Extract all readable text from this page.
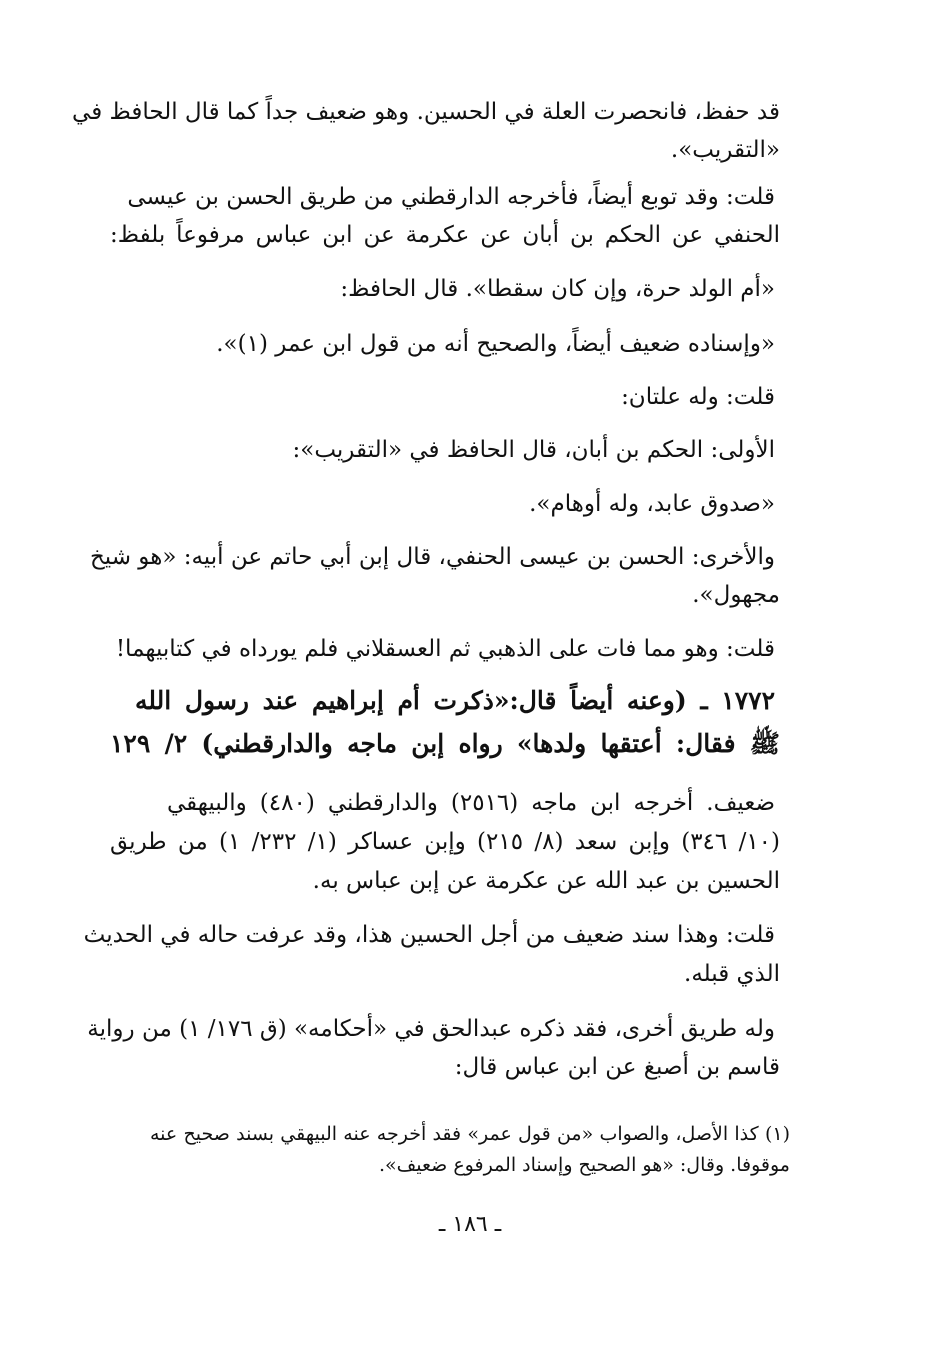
قد حفظ، فانحصرت العلة في الحسين. وهو ضعيف جداً كما قال الحافظ في
«التقريب».
قلت: وقد توبع أيضاً، فأخرجه الدارقطني من طريق الحسن بن عيسى
الحنفي عن الحكم بن أبان عن عكرمة عن ابن عباس مرفوعاً بلفظ:
«أم الولد حرة، وإن كان سقطا». قال الحافظ:
«وإسناده ضعيف أيضاً، والصحيح أنه من قول ابن عمر (١)».
قلت: وله علتان:
الأولى: الحكم بن أبان، قال الحافظ في «التقريب»:
«صدوق عابد، وله أوهام».
والأخرى: الحسن بن عيسى الحنفي، قال إبن أبي حاتم عن أبيه: «هو شيخ
مجهول».
قلت: وهو مما فات على الذهبي ثم العسقلاني فلم يورداه في كتابيهما!
١٧٧٢ ـ (وعنه أيضاً قال:«ذكرت أم إبراهيم عند رسول الله
ﷺ فقال: أعتقها ولدها» رواه إبن ماجه والدارقطني) ٢/ ١٢٩
ضعيف. أخرجه ابن ماجه (٢٥١٦) والدارقطني (٤٨٠) والبيهقي
(١٠/ ٣٤٦) وإبن سعد (٨/ ٢١٥) وإبن عساكر (١/ ٢٣٢/ ١) من طريق
الحسين بن عبد الله عن عكرمة عن إبن عباس به.
قلت: وهذا سند ضعيف من أجل الحسين هذا، وقد عرفت حاله في الحديث
الذي قبله.
وله طريق أخرى، فقد ذكره عبدالحق في «أحكامه» (ق ١٧٦/ ١) من رواية
قاسم بن أصبغ عن ابن عباس قال:
(١) كذا الأصل، والصواب «من قول عمر» فقد أخرجه عنه البيهقي بسند صحيح عنه
موقوفا. وقال: «هو الصحيح وإسناد المرفوع ضعيف».
ـ ١٨٦ ـ
